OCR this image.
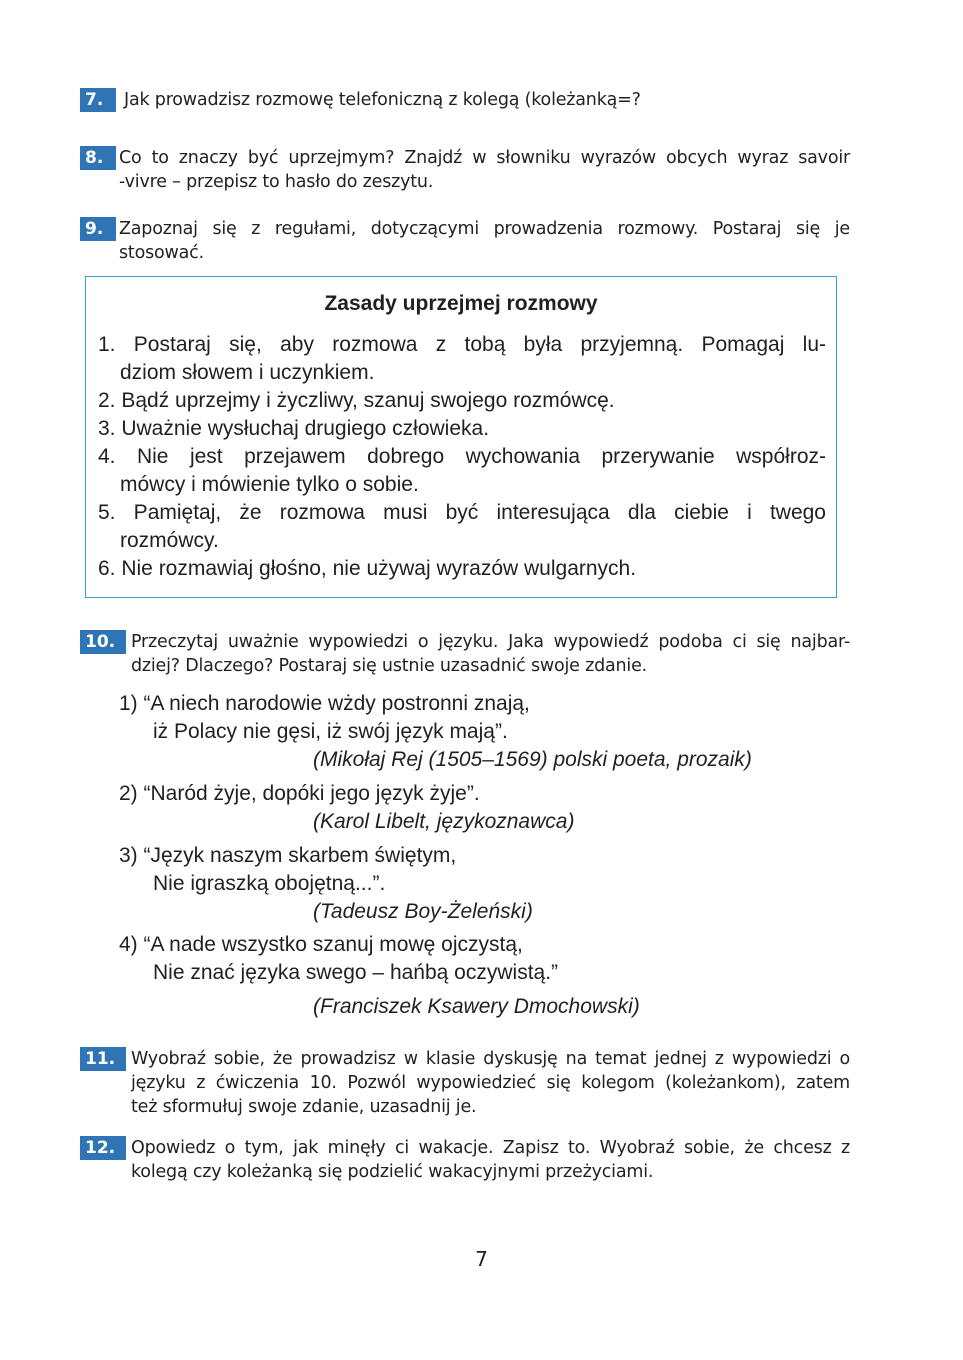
7.	Jak prowadzisz rozmowę telefoniczną z kolegą (koleżanką=?
8. Co to znaczy być uprzejmym? Znajdź w słowniku wyrazów obcych wyraz savoir
-vivre – przepisz to hasło do zeszytu.
9. Zapoznaj się z regułami, dotyczącymi prowadzenia rozmowy. Postaraj się je
stosować.
Zasady uprzejmej rozmowy
1. Postaraj się, aby rozmowa z tobą była przyjemną. Pomagaj lu-
dziom słowem i uczynkiem.
2. Bądź uprzejmy i życzliwy, szanuj swojego rozmówcę.
3. Uważnie wysłuchaj drugiego człowieka.
4. Nie jest przejawem dobrego wychowania przerywanie współroz-
mówcy i mówienie tylko o sobie.
5. Pamiętaj, że rozmowa musi być interesująca dla ciebie i twego
rozmówcy.
6. Nie rozmawiaj głośno, nie używaj wyrazów wulgarnych.
10. Przeczytaj uważnie wypowiedzi o języku. Jaka wypowiedź podoba ci się najbar-
dziej? Dlaczego? Postaraj się ustnie uzasadnić swoje zdanie.
1) “A niech narodowie wżdy postronni znają,
iż Polacy nie gęsi, iż swój język mają”.
(Mikołaj Rej (1505–1569) polski poeta, prozaik)
2) “Naród żyje, dopóki jego język żyje”.
(Karol Libelt, językoznawca)
3) “Język naszym skarbem świętym,
Nie igraszką obojętną...”.
(Tadeusz Boy-Żeleński)
4) “A nade wszystko szanuj mowę ojczystą,
Nie znać języka swego – hańbą oczywistą.”
(Franciszek Ksawery Dmochowski)
11. Wyobraź sobie, że prowadzisz w klasie dyskusję na temat jednej z wypowiedzi o
języku z ćwiczenia 10. Pozwól wypowiedzieć się kolegom (koleżankom), zatem
też sformułuj swoje zdanie, uzasadnij je.
12. Opowiedz o tym, jak minęły ci wakacje. Zapisz to. Wyobraź sobie, że chcesz z
kolegą czy koleżanką się podzielić wakacyjnymi przeżyciami.
7
